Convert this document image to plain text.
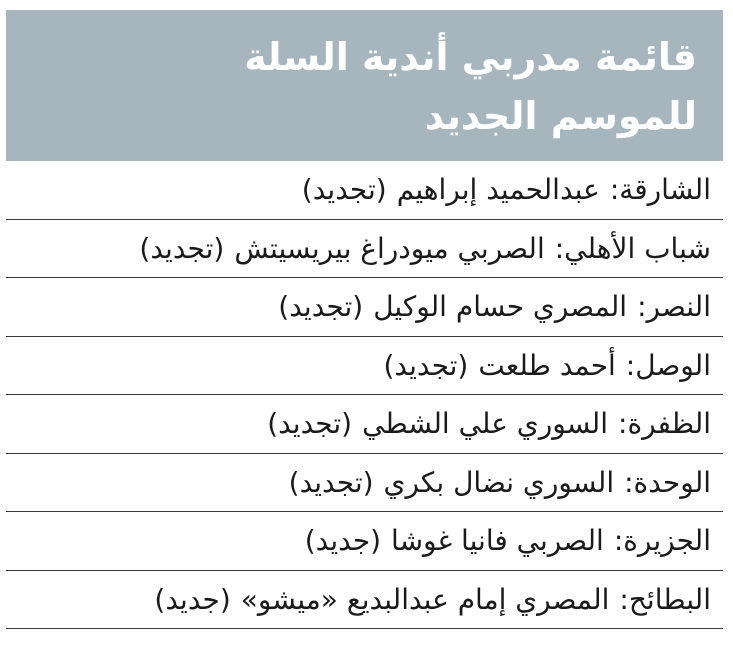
قائمة مدربي أندية السلة
للموسم الجديد
الشارقة
:
عبدالحميد إبراهيم
(تجديد)
شباب الأهلي
:
الصربي ميودراغ بيريسيتش
(تجديد)
النصر
:
المصري حسام الوكيل
(تجديد)
الوصل
:
أحمد طلعت
(تجديد)
الظفرة
:
السوري علي الشطي
(تجديد)
الوحدة
:
السوري نضال بكري
(تجديد)
الجزيرة
:
الصربي فانيا غوشا
(جديد)
البطائح
:
المصري إمام عبدالبديع «ميشو»
(جديد)
